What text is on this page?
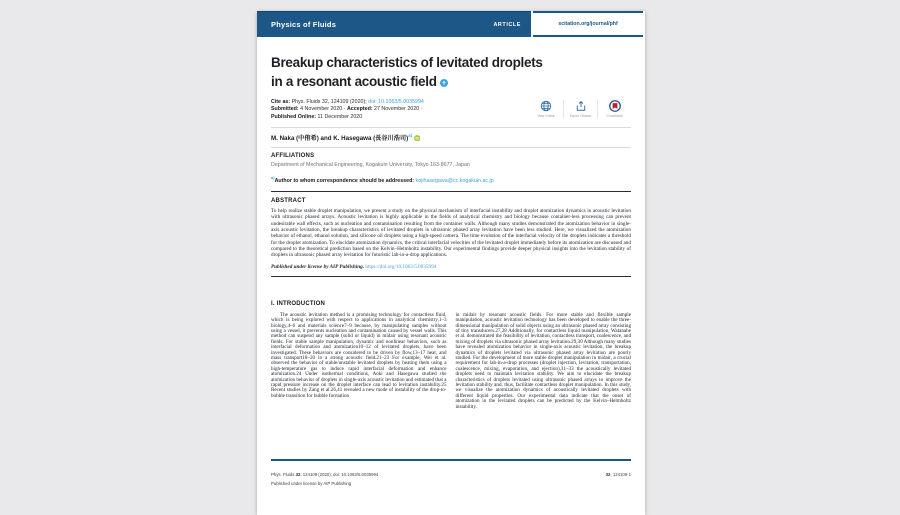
Physics of Fluids	ARTICLE	scitation.org/journal/phf
Breakup characteristics of levitated droplets
in a resonant acoustic field
Cite as: Phys. Fluids 32, 124109 (2020); doi: 10.1063/5.0035994
Submitted: 4 November 2020 · Accepted: 27 November 2020 ·
Published Online: 11 December 2020	View Online	Export Citation	CrossMark
M. Naka (中侑希) and K. Hasegawa (長谷川浩司)$^{a)}$
iD
AFFILIATIONS
Department of Mechanical Engineering, Kogakuin University, Tokyo 163-8677, Japan
$^{a)}$Author to whom correspondence should be addressed: kojihasegawa@cc.kogakuin.ac.jp
ABSTRACT

To help realize stable droplet manipulation, we present a study on the physical mechanism of interfacial instability and droplet atomization dynamics in acoustic levitation with ultrasonic phased arrays. Acoustic levitation is highly applicable in the fields of analytical chemistry and biology because container-less processing can prevent undesirable wall effects, such as nucleation and contamination resulting from the container walls. Although many studies demonstrated the atomization behavior in single-axis acoustic levitation, the breakup characteristics of levitated droplets in ultrasonic phased array levitation have been less studied. Here, we visualized the atomization behavior of ethanol, ethanol solution, and silicone oil droplets using a high-speed camera. The time evolution of the interfacial velocity of the droplets indicates a threshold for the droplet atomization. To elucidate atomization dynamics, the critical interfacial velocities of the levitated droplet immediately before its atomization are discussed and compared to the theoretical prediction based on the Kelvin–Helmholtz instability. Our experimental findings provide deeper physical insights into the levitation stability of droplets in ultrasonic phased array levitation for futuristic lab-in-a-drop applications.

Published under license by AIP Publishing. https://doi.org/10.1063/5.0035994

I. INTRODUCTION

The acoustic levitation method is a promising technology for contactless fluid, which is being explored with respect to applications in analytical chemistry,1–3 biology,4–6 and materials science7–9 because, by manipulating samples without using a vessel, it prevents nucleation and contamination caused by vessel walls. This method can suspend any sample (solid or liquid) in midair using resonant acoustic fields. For stable sample manipulation, dynamic and nonlinear behaviors, such as interfacial deformation and atomization10–12 of levitated droplets, have been investigated. These behaviors are considered to be driven by flow,13–17 heat, and mass transport18–20 in a strong acoustic field.21–23 For example, Wei et al. observed the behavior of stable/unstable levitated droplets by heating them using a high-temperature gas to induce rapid interfacial deformation and enhance atomization.24 Under isothermal conditions, Aoki and Hasegawa studied the atomization behavior of droplets in single-axis acoustic levitation and estimated that a rapid pressure increase on the droplet interface can lead to levitation instability.25 Recent studies by Zang et al.26,41 revealed a new mode of instability of the drop-to-bubble transition for bubble formation

in midair by resonant acoustic fields. For more stable and flexible sample manipulation, acoustic levitation technology has been developed to enable the three-dimensional manipulation of solid objects using an ultrasonic phased array consisting of tiny transducers.27,28 Additionally, for contactless liquid manipulation, Watanabe et al. demonstrated the feasibility of levitation, contactless transport, coalescence, and mixing of droplets via ultrasonic phased array levitation.29,30 Although many studies have revealed atomization behavior in single-axis acoustic levitation, the breakup dynamics of droplets levitated via ultrasonic phased array levitation are poorly studied. For the development of more stable droplet manipulation in midair, a crucial requirement for lab-in-a-drop processes (droplet injection, levitation, transportation, coalescence, mixing, evaporation, and ejection),31–33 the acoustically levitated droplets need to maintain levitation stability. We aim to elucidate the breakup characteristics of droplets levitated using ultrasonic phased arrays to improve the levitation stability and, thus, facilitate contactless droplet manipulation. In this study, we visualize the atomization dynamics of acoustically levitated droplets with different liquid properties. Our experimental data indicate that the onset of atomization in the levitated droplets can be predicted by the Kelvin–Helmholtz instability.

Phys. Fluids 32, 124109 (2020); doi: 10.1063/5.0035994
Published under license by AIP Publishing
32, 124109-1
